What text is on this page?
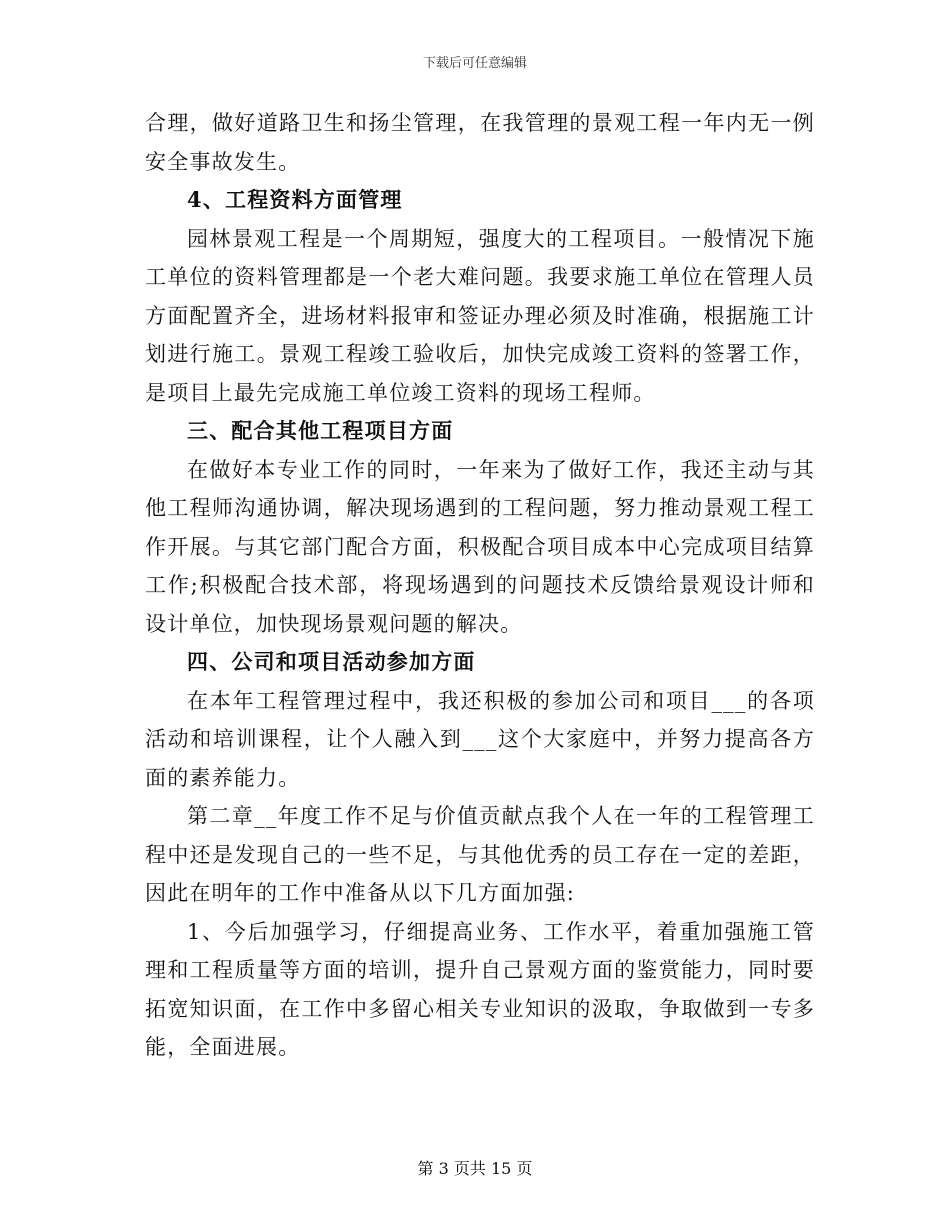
下载后可任意编辑

合理，做好道路卫生和扬尘管理，在我管理的景观工程一年内无一例安全事故发生。

4、工程资料方面管理

园林景观工程是一个周期短，强度大的工程项目。一般情况下施工单位的资料管理都是一个老大难问题。我要求施工单位在管理人员方面配置齐全，进场材料报审和签证办理必须及时准确，根据施工计划进行施工。景观工程竣工验收后，加快完成竣工资料的签署工作，是项目上最先完成施工单位竣工资料的现场工程师。

三、配合其他工程项目方面

在做好本专业工作的同时，一年来为了做好工作，我还主动与其他工程师沟通协调，解决现场遇到的工程问题，努力推动景观工程工作开展。与其它部门配合方面，积极配合项目成本中心完成项目结算工作;积极配合技术部，将现场遇到的问题技术反馈给景观设计师和设计单位，加快现场景观问题的解决。

四、公司和项目活动参加方面

在本年工程管理过程中，我还积极的参加公司和项目___的各项活动和培训课程，让个人融入到___这个大家庭中，并努力提高各方面的素养能力。

第二章__年度工作不足与价值贡献点我个人在一年的工程管理工程中还是发现自己的一些不足，与其他优秀的员工存在一定的差距，因此在明年的工作中准备从以下几方面加强:

1、今后加强学习，仔细提高业务、工作水平，着重加强施工管理和工程质量等方面的培训，提升自己景观方面的鉴赏能力，同时要拓宽知识面，在工作中多留心相关专业知识的汲取，争取做到一专多能，全面进展。

第 3 页共 15 页
